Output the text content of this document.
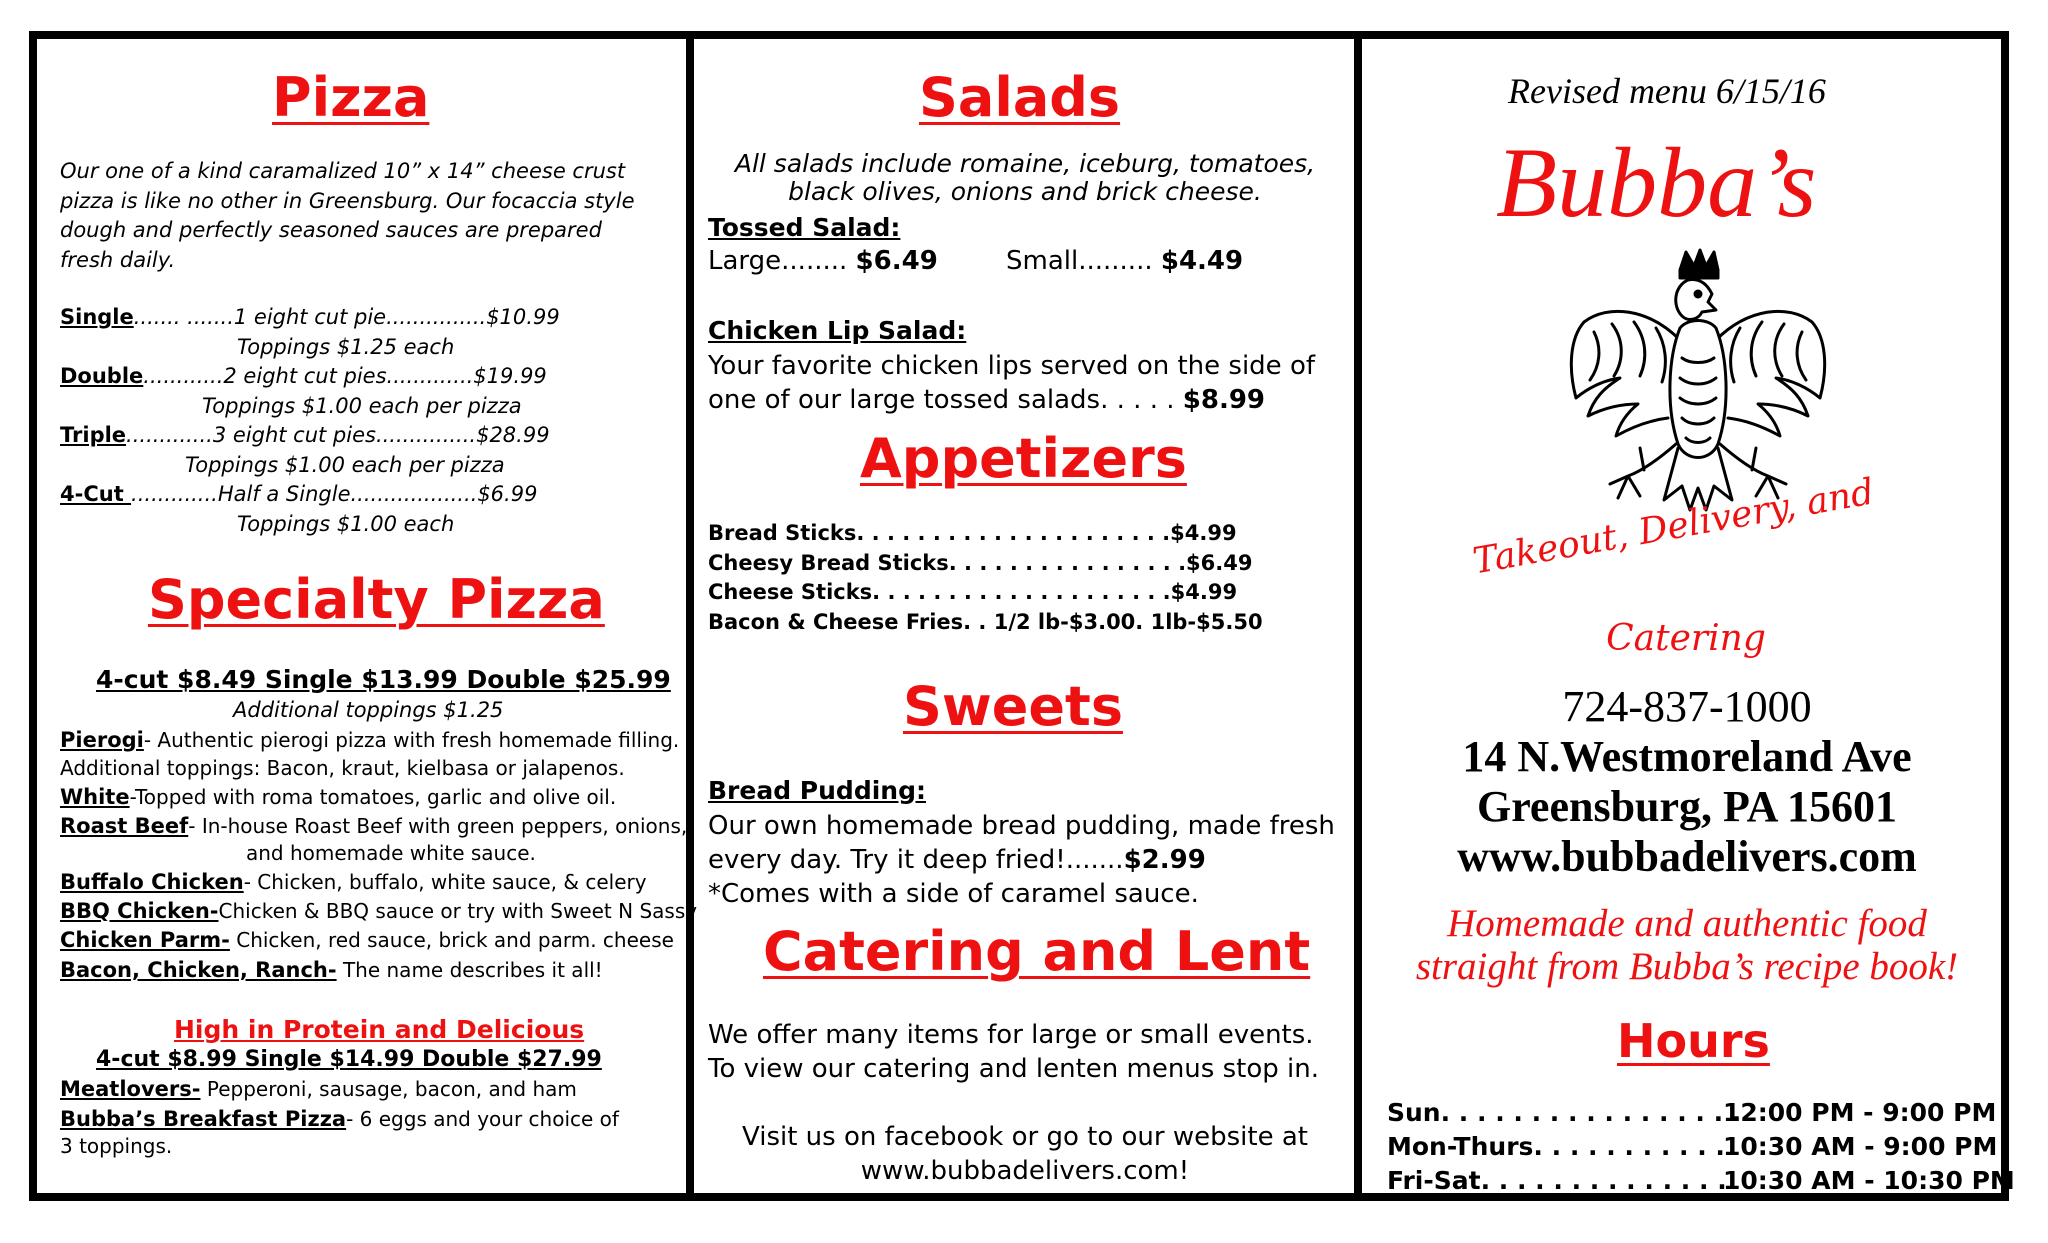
Pizza
Our one of a kind caramalized 10” x 14” cheese crust
pizza is like no other in Greensburg. Our focaccia style
dough and perfectly seasoned sauces are prepared
fresh daily.
Single....... .......1 eight cut pie...............$10.99
Toppings $1.25 each
Double............2 eight cut pies.............$19.99
Toppings $1.00 each per pizza
Triple.............3 eight cut pies...............$28.99
Toppings $1.00 each per pizza
4-Cut .............Half a Single...................$6.99
Toppings $1.00 each
Specialty Pizza
4-cut $8.49 Single $13.99 Double $25.99
Additional toppings $1.25
Pierogi- Authentic pierogi pizza with fresh homemade filling.
Additional toppings: Bacon, kraut, kielbasa or jalapenos.
White-Topped with roma tomatoes, garlic and olive oil.
Roast Beef- In-house Roast Beef with green peppers, onions,
and homemade white sauce.
Buffalo Chicken- Chicken, buffalo, white sauce, & celery
BBQ Chicken-Chicken & BBQ sauce or try with Sweet N Sassy
Chicken Parm- Chicken, red sauce, brick and parm. cheese
Bacon, Chicken, Ranch- The name describes it all!
High in Protein and Delicious
4-cut $8.99 Single $14.99 Double $27.99
Meatlovers- Pepperoni, sausage, bacon, and ham
Bubba’s Breakfast Pizza- 6 eggs and your choice of
3 toppings.
Salads
All salads include romaine, iceburg, tomatoes,
black olives, onions and brick cheese.
Tossed Salad:
Large........ $6.49	Small......... $4.49
Chicken Lip Salad:
Your favorite chicken lips served on the side of
one of our large tossed salads. . . . . $8.99
Appetizers
Bread Sticks. . . . . . . . . . . . . . . . . . . . .$4.99
Cheesy Bread Sticks. . . . . . . . . . . . . . . .$6.49
Cheese Sticks. . . . . . . . . . . . . . . . . . . .$4.99
Bacon & Cheese Fries. . 1/2 lb-$3.00. 1lb-$5.50
Sweets
Bread Pudding:
Our own homemade bread pudding, made fresh
every day. Try it deep fried!.......$2.99
*Comes with a side of caramel sauce.
Catering and Lent
We offer many items for large or small events.
To view our catering and lenten menus stop in.
Visit us on facebook or go to our website at
www.bubbadelivers.com!
Revised menu 6/15/16
Bubba’s
Takeout, Delivery, and
Catering
724-837-1000
14 N.Westmoreland Ave
Greensburg, PA 15601
www.bubbadelivers.com
Homemade and authentic food
straight from Bubba’s recipe book!
Hours
Sun. . . . . . . . . . . . . . . . .12:00 PM - 9:00 PM
Mon-Thurs. . . . . . . . . . .10:30 AM - 9:00 PM
Fri-Sat. . . . . . . . . . . . . .10:30 AM - 10:30 PM
